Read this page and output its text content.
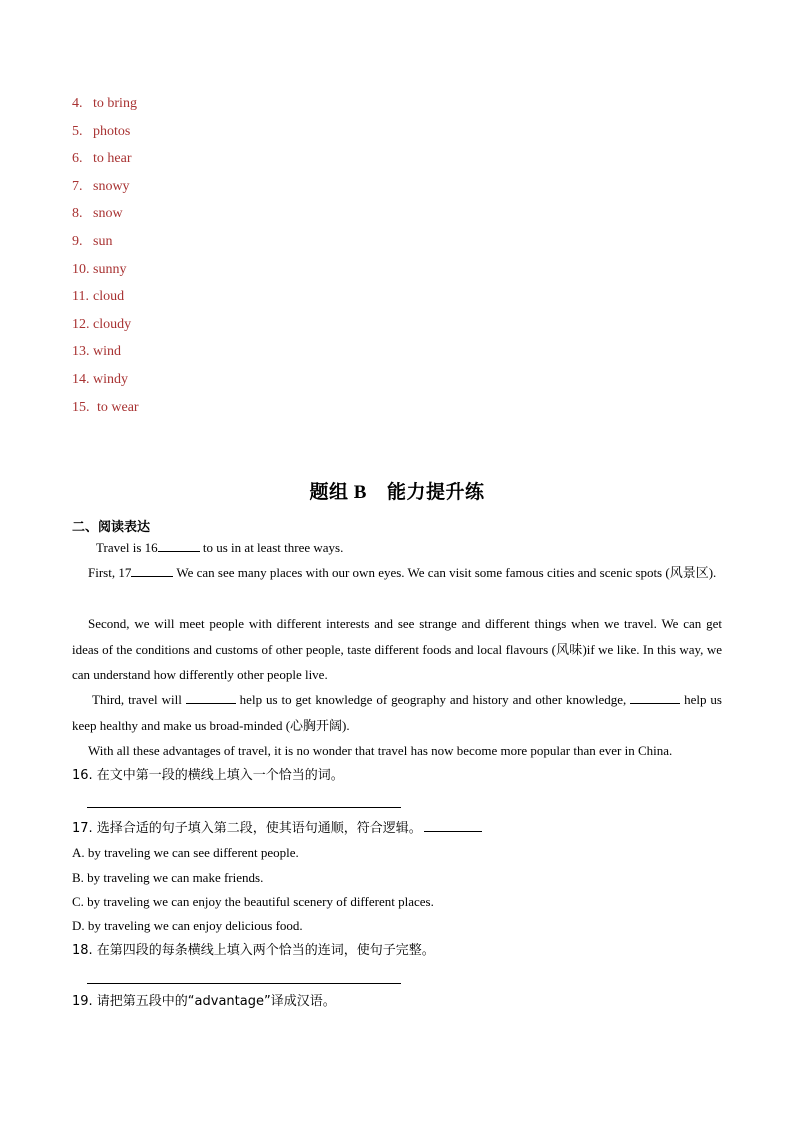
4. to bring
5. photos
6. to hear
7. snowy
8. snow
9. sun
10. sunny
11. cloud
12. cloudy
13. wind
14. windy
15. to wear
题组 B 能力提升练
二、阅读表达
Travel is 16	to us in at least three ways.
First, 17	We can see many places with our own eyes. We can visit some famous cities and scenic spots (风景区).
Second, we will meet people with different interests and see strange and different things when we travel. We can get ideas of the conditions and customs of other people, taste different foods and local flavours (风味)if we like. In this way, we can understand how differently other people live.
Third, travel will	help us to get knowledge of geography and history and other knowledge,	help us keep healthy and make us broad-minded (心胸开阔).
With all these advantages of travel, it is no wonder that travel has now become more popular than ever in China.
16. 在文中第一段的横线上填入一个恰当的词。
17. 选择合适的句子填入第二段，使其语句通顺，符合逻辑。
A. by traveling we can see different people.
B. by traveling we can make friends.
C. by traveling we can enjoy the beautiful scenery of different places.
D. by traveling we can enjoy delicious food.
18. 在第四段的每条横线上填入两个恰当的连词，使句子完整。
19. 请把第五段中的“advantage”译成汉语。
